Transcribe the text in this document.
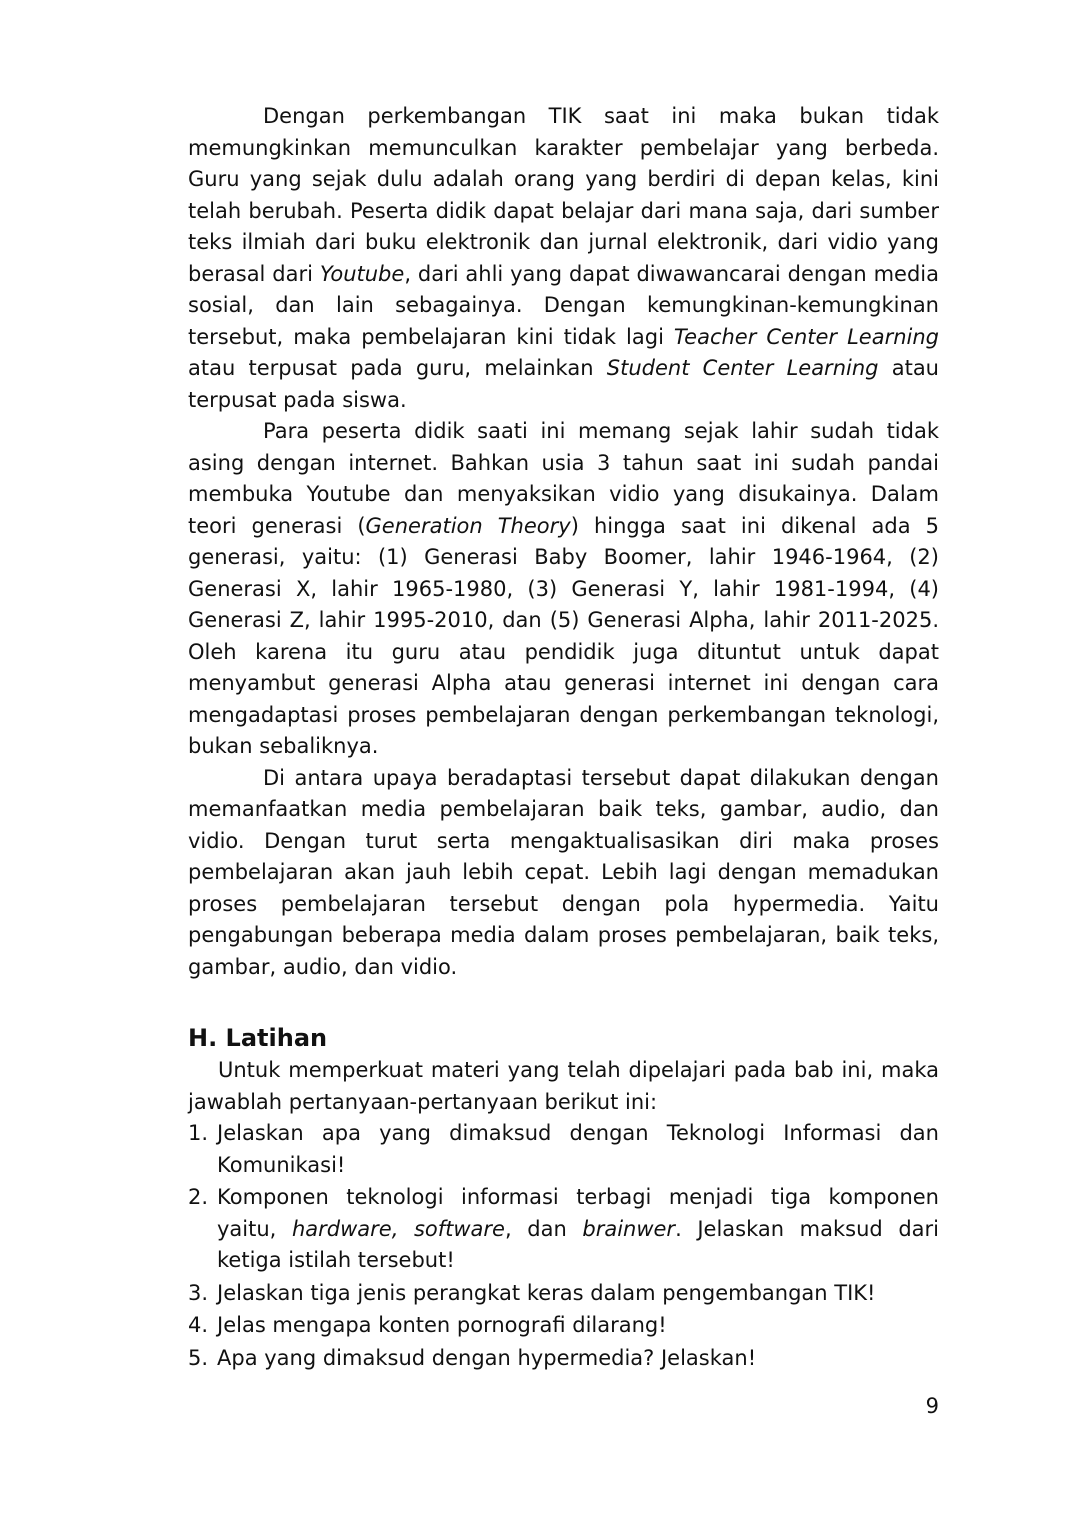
Dengan perkembangan TIK saat ini maka bukan tidak memungkinkan memunculkan karakter pembelajar yang berbeda. Guru yang sejak dulu adalah orang yang berdiri di depan kelas, kini telah berubah. Peserta didik dapat belajar dari mana saja, dari sumber teks ilmiah dari buku elektronik dan jurnal elektronik, dari vidio yang berasal dari Youtube, dari ahli yang dapat diwawancarai dengan media sosial, dan lain sebagainya. Dengan kemungkinan-kemungkinan tersebut, maka pembelajaran kini tidak lagi Teacher Center Learning atau terpusat pada guru, melainkan Student Center Learning atau terpusat pada siswa.

Para peserta didik saati ini memang sejak lahir sudah tidak asing dengan internet. Bahkan usia 3 tahun saat ini sudah pandai membuka Youtube dan menyaksikan vidio yang disukainya. Dalam teori generasi (Generation Theory) hingga saat ini dikenal ada 5 generasi, yaitu: (1) Generasi Baby Boomer, lahir 1946-1964, (2) Generasi X, lahir 1965-1980, (3) Generasi Y, lahir 1981-1994, (4) Generasi Z, lahir 1995-2010, dan (5) Generasi Alpha, lahir 2011-2025. Oleh karena itu guru atau pendidik juga dituntut untuk dapat menyambut generasi Alpha atau generasi internet ini dengan cara mengadaptasi proses pembelajaran dengan perkembangan teknologi, bukan sebaliknya.

Di antara upaya beradaptasi tersebut dapat dilakukan dengan memanfaatkan media pembelajaran baik teks, gambar, audio, dan vidio. Dengan turut serta mengaktualisasikan diri maka proses pembelajaran akan jauh lebih cepat. Lebih lagi dengan memadukan proses pembelajaran tersebut dengan pola hypermedia. Yaitu pengabungan beberapa media dalam proses pembelajaran, baik teks, gambar, audio, dan vidio.

H. Latihan

Untuk memperkuat materi yang telah dipelajari pada bab ini, maka jawablah pertanyaan-pertanyaan berikut ini:

1. Jelaskan apa yang dimaksud dengan Teknologi Informasi dan Komunikasi!
2. Komponen teknologi informasi terbagi menjadi tiga komponen yaitu, hardware, software, dan brainwer. Jelaskan maksud dari ketiga istilah tersebut!
3. Jelaskan tiga jenis perangkat keras dalam pengembangan TIK!
4. Jelas mengapa konten pornografi dilarang!
5. Apa yang dimaksud dengan hypermedia? Jelaskan!
9
